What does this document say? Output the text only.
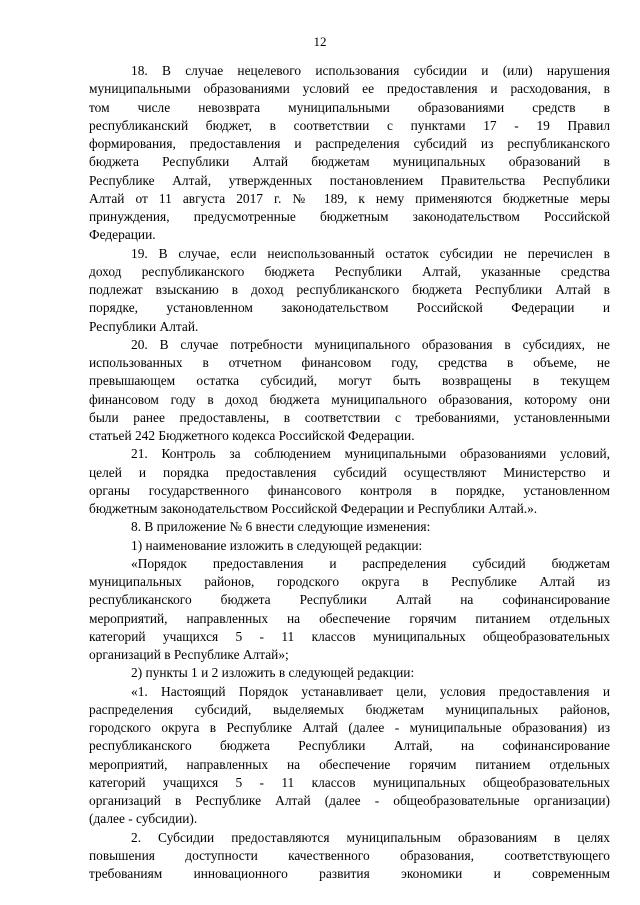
12
18. В случае нецелевого использования субсидии и (или) нарушения
муниципальными образованиями условий ее предоставления и расходования, в
том числе невозврата муниципальными образованиями средств в
республиканский бюджет, в соответствии с пунктами 17 - 19 Правил
формирования, предоставления и распределения субсидий из республиканского
бюджета Республики Алтай бюджетам муниципальных образований в
Республике Алтай, утвержденных постановлением Правительства Республики
Алтай от 11 августа 2017 г. № 189, к нему применяются бюджетные меры
принуждения, предусмотренные бюджетным законодательством Российской
Федерации.
19. В случае, если неиспользованный остаток субсидии не перечислен в
доход республиканского бюджета Республики Алтай, указанные средства
подлежат взысканию в доход республиканского бюджета Республики Алтай в
порядке, установленном законодательством Российской Федерации и
Республики Алтай.
20. В случае потребности муниципального образования в субсидиях, не
использованных в отчетном финансовом году, средства в объеме, не
превышающем остатка субсидий, могут быть возвращены в текущем
финансовом году в доход бюджета муниципального образования, которому они
были ранее предоставлены, в соответствии с требованиями, установленными
статьей 242 Бюджетного кодекса Российской Федерации.
21. Контроль за соблюдением муниципальными образованиями условий,
целей и порядка предоставления субсидий осуществляют Министерство и
органы государственного финансового контроля в порядке, установленном
бюджетным законодательством Российской Федерации и Республики Алтай.».
8. В приложение № 6 внести следующие изменения:
1) наименование изложить в следующей редакции:
«Порядок предоставления и распределения субсидий бюджетам
муниципальных районов, городского округа в Республике Алтай из
республиканского бюджета Республики Алтай на софинансирование
мероприятий, направленных на обеспечение горячим питанием отдельных
категорий учащихся 5 - 11 классов муниципальных общеобразовательных
организаций в Республике Алтай»;
2) пункты 1 и 2 изложить в следующей редакции:
«1. Настоящий Порядок устанавливает цели, условия предоставления и
распределения субсидий, выделяемых бюджетам муниципальных районов,
городского округа в Республике Алтай (далее - муниципальные образования) из
республиканского бюджета Республики Алтай, на софинансирование
мероприятий, направленных на обеспечение горячим питанием отдельных
категорий учащихся 5 - 11 классов муниципальных общеобразовательных
организаций в Республике Алтай (далее - общеобразовательные организации)
(далее - субсидии).
2. Субсидии предоставляются муниципальным образованиям в целях
повышения доступности качественного образования, соответствующего
требованиям инновационного развития экономики и современным
